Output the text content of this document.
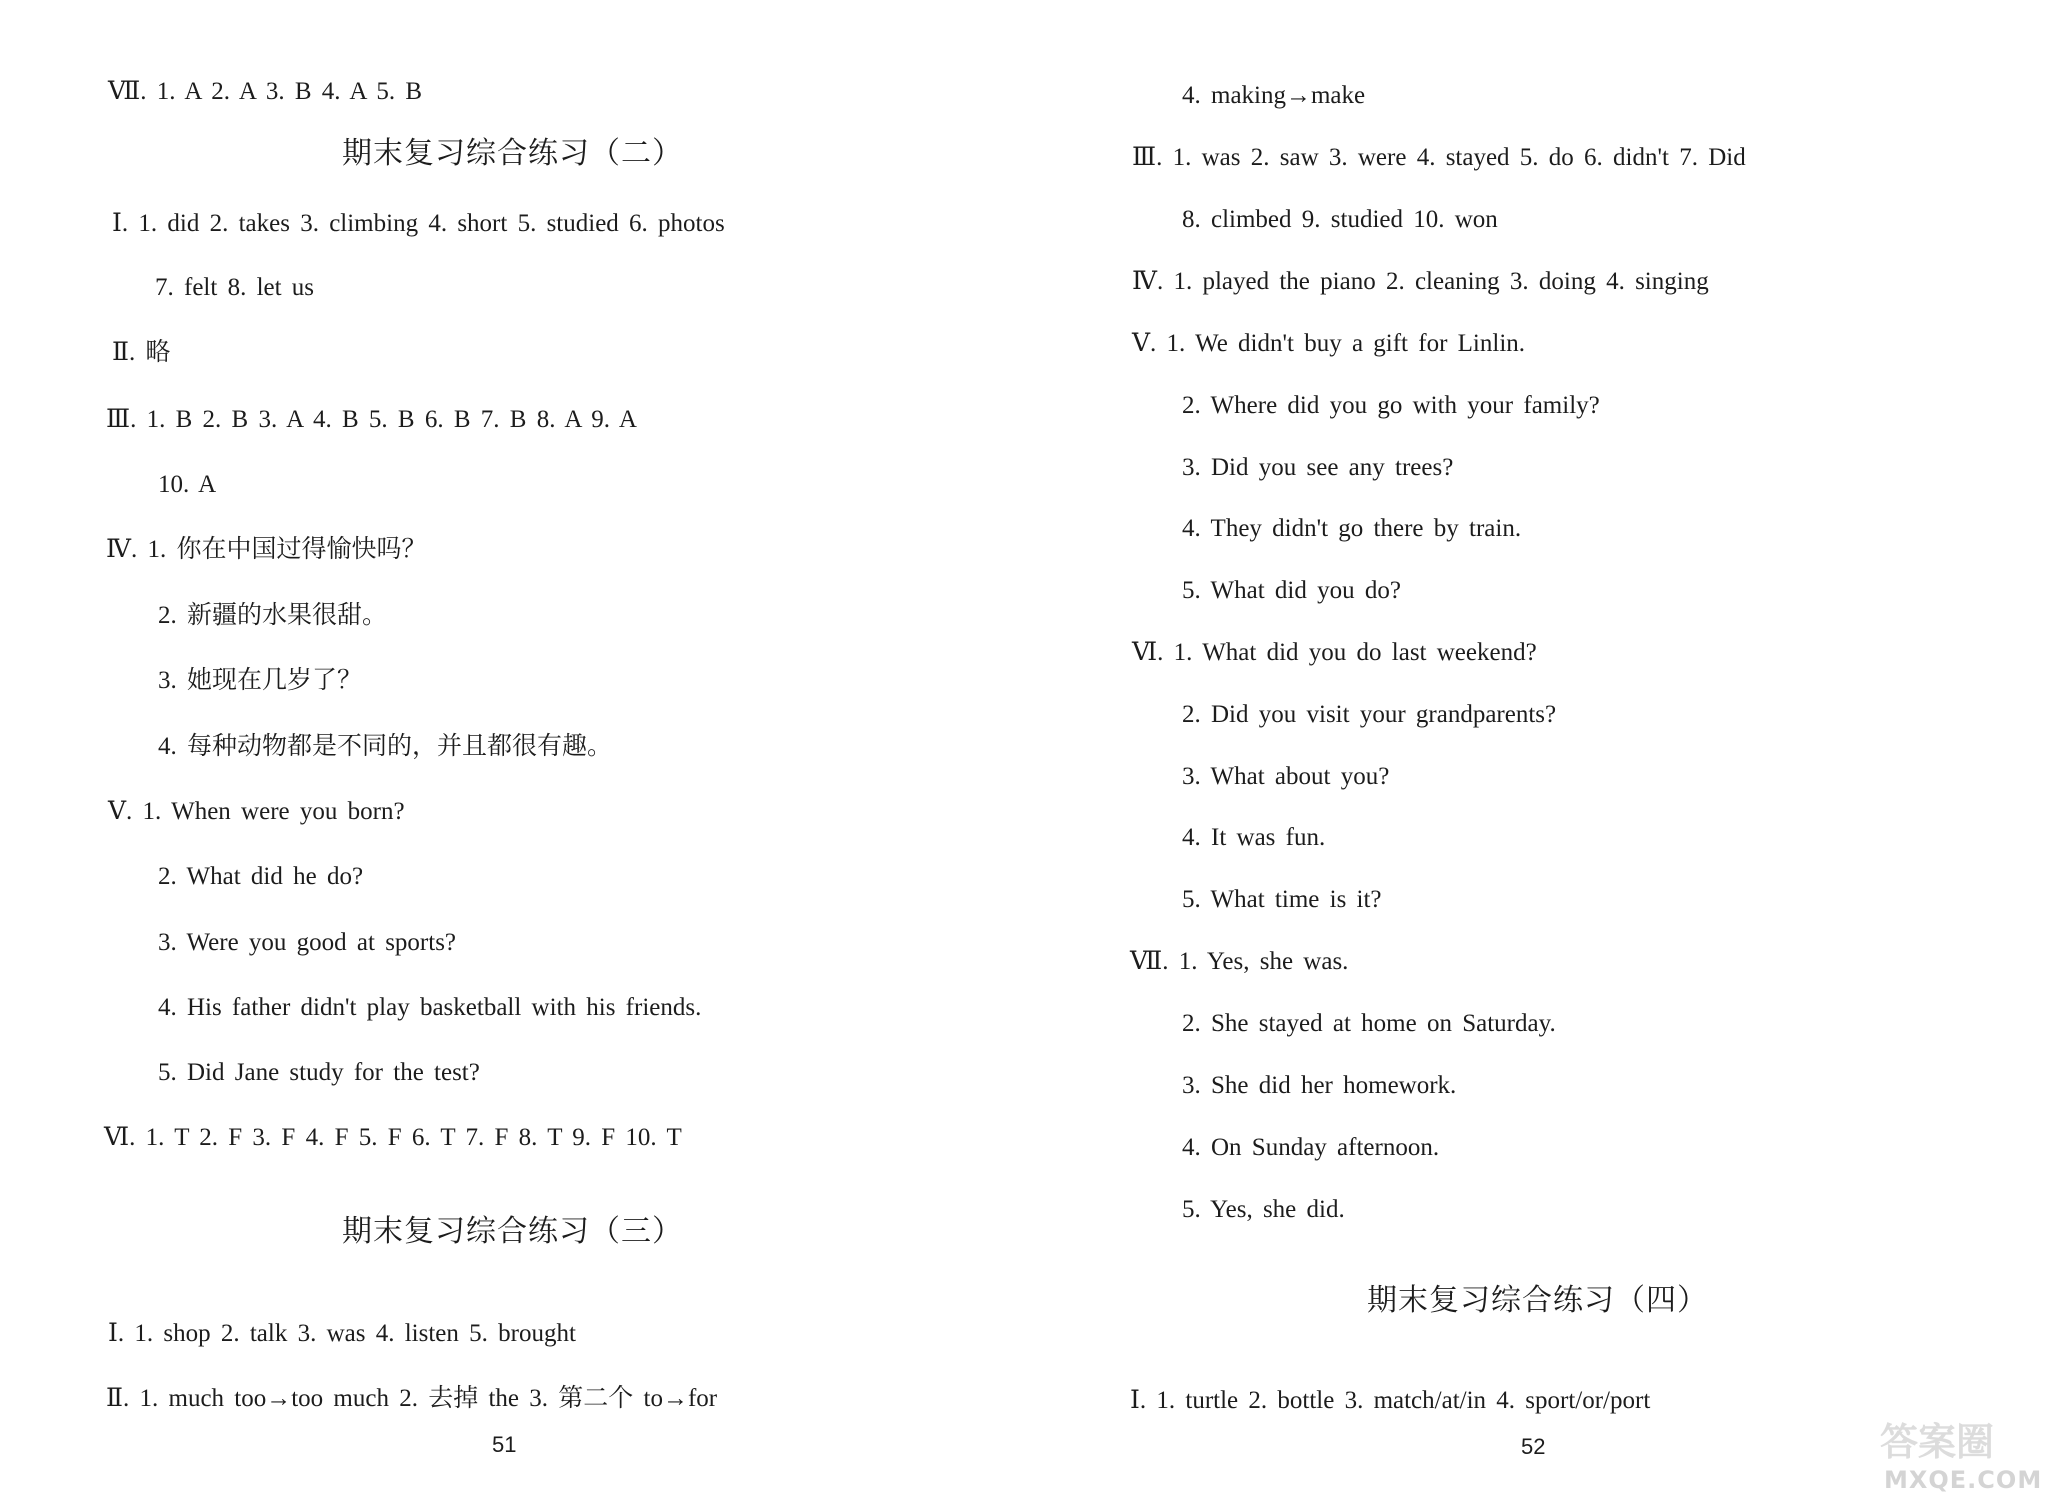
Ⅶ. 1. A 2. A 3. B 4. A 5. B
期末复习综合练习（二）
Ⅰ. 1. did 2. takes 3. climbing 4. short 5. studied 6. photos
7. felt 8. let us
Ⅱ. 略
Ⅲ. 1. B 2. B 3. A 4. B 5. B 6. B 7. B 8. A 9. A
10. A
Ⅳ. 1. 你在中国过得愉快吗？
2. 新疆的水果很甜。
3. 她现在几岁了？
4. 每种动物都是不同的，并且都很有趣。
Ⅴ. 1. When were you born?
2. What did he do?
3. Were you good at sports?
4. His father didn't play basketball with his friends.
5. Did Jane study for the test?
Ⅵ. 1. T 2. F 3. F 4. F 5. F 6. T 7. F 8. T 9. F 10. T
期末复习综合练习（三）
Ⅰ. 1. shop 2. talk 3. was 4. listen 5. brought
Ⅱ. 1. much too→too much 2. 去掉 the 3. 第二个 to→for
51
4. making→make
Ⅲ. 1. was 2. saw 3. were 4. stayed 5. do 6. didn't 7. Did
8. climbed 9. studied 10. won
Ⅳ. 1. played the piano 2. cleaning 3. doing 4. singing
Ⅴ. 1. We didn't buy a gift for Linlin.
2. Where did you go with your family?
3. Did you see any trees?
4. They didn't go there by train.
5. What did you do?
Ⅵ. 1. What did you do last weekend?
2. Did you visit your grandparents?
3. What about you?
4. It was fun.
5. What time is it?
Ⅶ. 1. Yes, she was.
2. She stayed at home on Saturday.
3. She did her homework.
4. On Sunday afternoon.
5. Yes, she did.
期末复习综合练习（四）
Ⅰ. 1. turtle 2. bottle 3. match/at/in 4. sport/or/port
52	答案圈
MXQE.COM
